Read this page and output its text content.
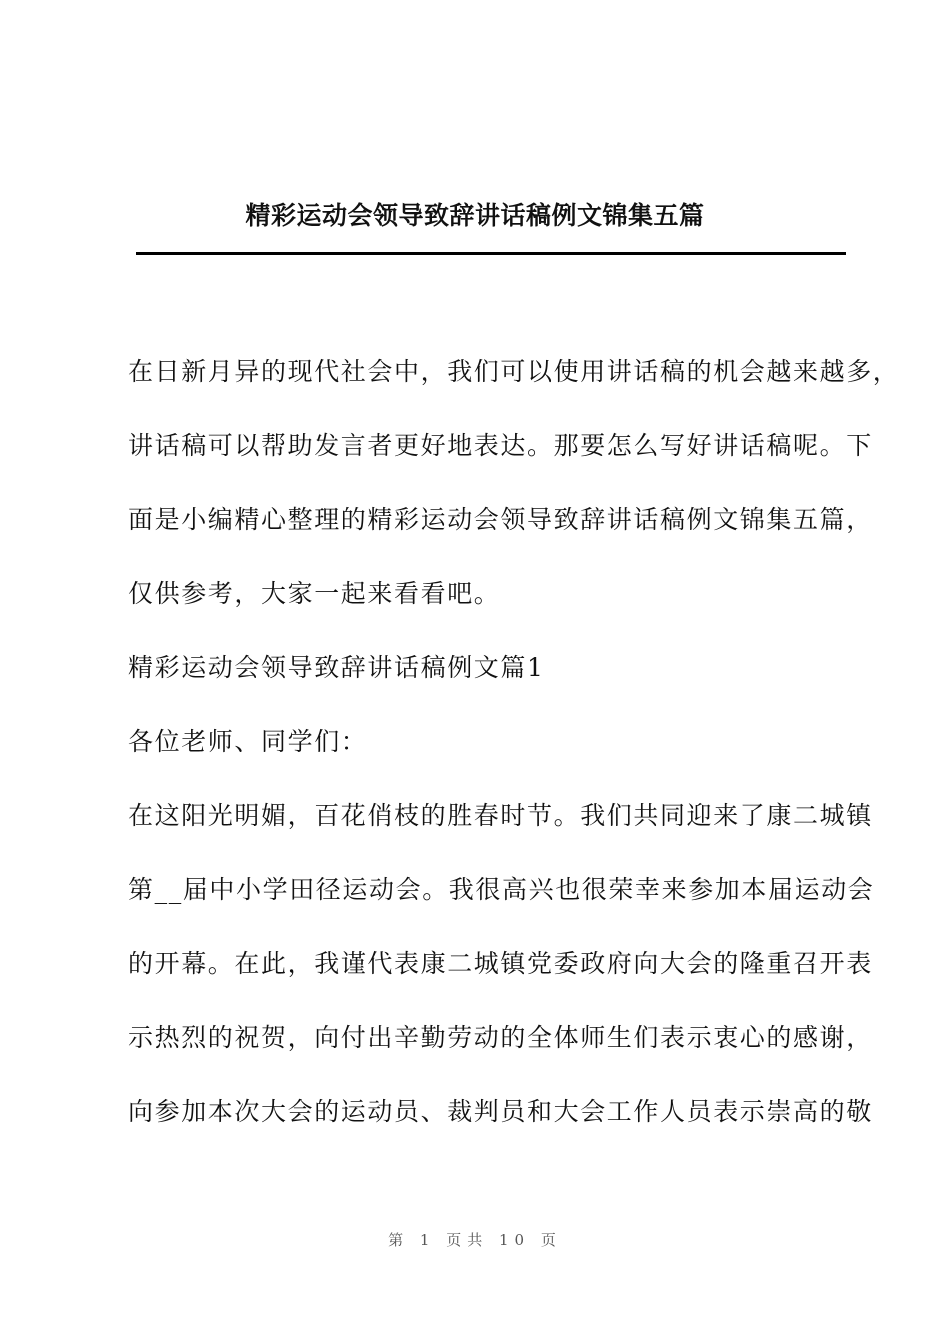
精彩运动会领导致辞讲话稿例文锦集五篇
在日新月异的现代社会中，我们可以使用讲话稿的机会越来越多，
讲话稿可以帮助发言者更好地表达。那要怎么写好讲话稿呢。下
面是小编精心整理的精彩运动会领导致辞讲话稿例文锦集五篇，
仅供参考，大家一起来看看吧。
精彩运动会领导致辞讲话稿例文篇1
各位老师、同学们：
在这阳光明媚，百花俏枝的胜春时节。我们共同迎来了康二城镇
第__届中小学田径运动会。我很高兴也很荣幸来参加本届运动会
的开幕。在此，我谨代表康二城镇党委政府向大会的隆重召开表
示热烈的祝贺，向付出辛勤劳动的全体师生们表示衷心的感谢，
向参加本次大会的运动员、裁判员和大会工作人员表示崇高的敬
第 1 页共 10 页
